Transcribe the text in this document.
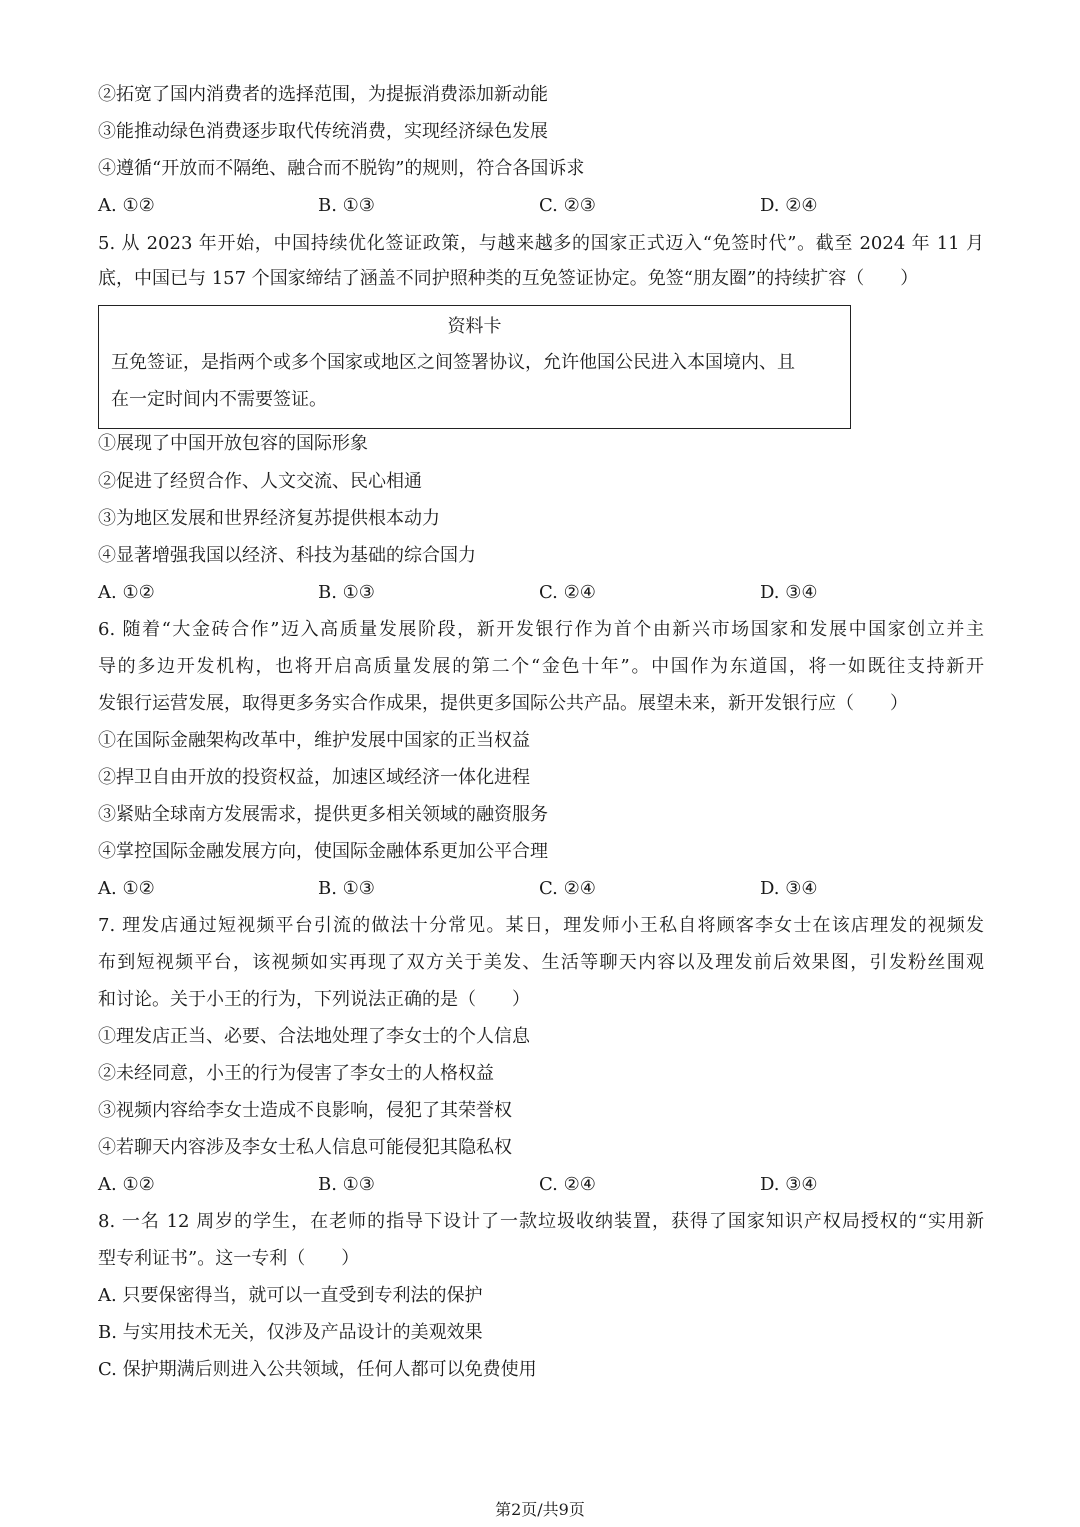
②拓宽了国内消费者的选择范围，为提振消费添加新动能
③能推动绿色消费逐步取代传统消费，实现经济绿色发展
④遵循“开放而不隔绝、融合而不脱钩”的规则，符合各国诉求
A. ①②	B. ①③	C. ②③	D. ②④
5. 从 2023 年开始，中国持续优化签证政策，与越来越多的国家正式迈入“免签时代”。截至 2024 年 11 月
底，中国已与 157 个国家缔结了涵盖不同护照种类的互免签证协定。免签“朋友圈”的持续扩容（　　）
资料卡
互免签证，是指两个或多个国家或地区之间签署协议，允许他国公民进入本国境内、且
在一定时间内不需要签证。
①展现了中国开放包容的国际形象
②促进了经贸合作、人文交流、民心相通
③为地区发展和世界经济复苏提供根本动力
④显著增强我国以经济、科技为基础的综合国力
A. ①②	B. ①③	C. ②④	D. ③④
6. 随着“大金砖合作”迈入高质量发展阶段，新开发银行作为首个由新兴市场国家和发展中国家创立并主
导的多边开发机构，也将开启高质量发展的第二个“金色十年”。中国作为东道国，将一如既往支持新开
发银行运营发展，取得更多务实合作成果，提供更多国际公共产品。展望未来，新开发银行应（　　）
①在国际金融架构改革中，维护发展中国家的正当权益
②捍卫自由开放的投资权益，加速区域经济一体化进程
③紧贴全球南方发展需求，提供更多相关领域的融资服务
④掌控国际金融发展方向，使国际金融体系更加公平合理
A. ①②	B. ①③	C. ②④	D. ③④
7. 理发店通过短视频平台引流的做法十分常见。某日，理发师小王私自将顾客李女士在该店理发的视频发
布到短视频平台，该视频如实再现了双方关于美发、生活等聊天内容以及理发前后效果图，引发粉丝围观
和讨论。关于小王的行为，下列说法正确的是（　　）
①理发店正当、必要、合法地处理了李女士的个人信息
②未经同意，小王的行为侵害了李女士的人格权益
③视频内容给李女士造成不良影响，侵犯了其荣誉权
④若聊天内容涉及李女士私人信息可能侵犯其隐私权
A. ①②	B. ①③	C. ②④	D. ③④
8. 一名 12 周岁的学生，在老师的指导下设计了一款垃圾收纳装置，获得了国家知识产权局授权的“实用新
型专利证书”。这一专利（　　）
A. 只要保密得当，就可以一直受到专利法的保护
B. 与实用技术无关，仅涉及产品设计的美观效果
C. 保护期满后则进入公共领域，任何人都可以免费使用
第2页/共9页
